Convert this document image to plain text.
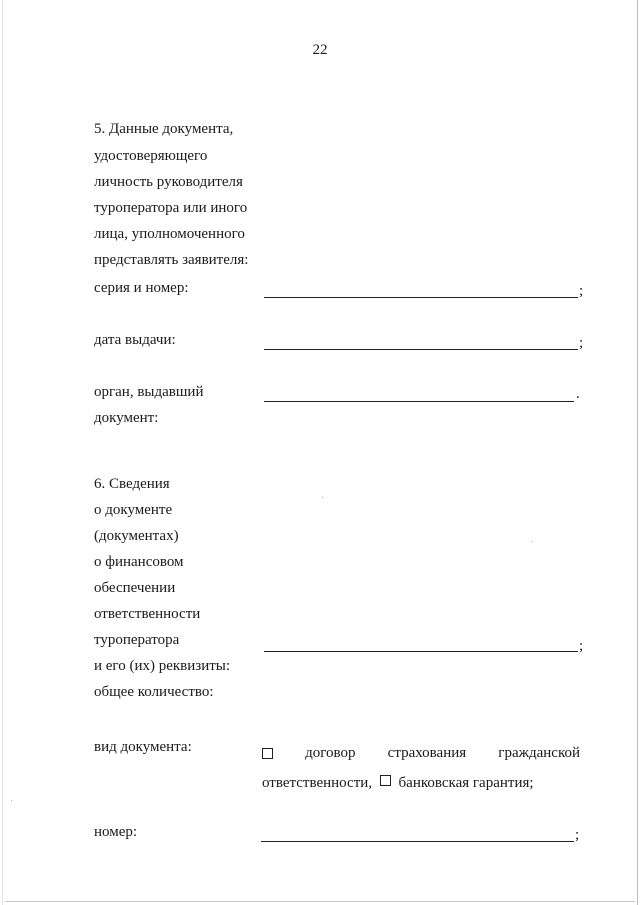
22
5. Данные документа,
удостоверяющего
личность руководителя
туроператора или иного
лица, уполномоченного
представлять заявителя:
серия и номер:	;
дата выдачи:	;
орган, выдавший
документ:
.
6. Сведения
о документе
(документах)
о финансовом
обеспечении
ответственности
туроператора
и его (их) реквизиты:
общее количество:
;
вид документа:	договор страхования гражданской
ответственности, банковская гарантия;
номер:	;
